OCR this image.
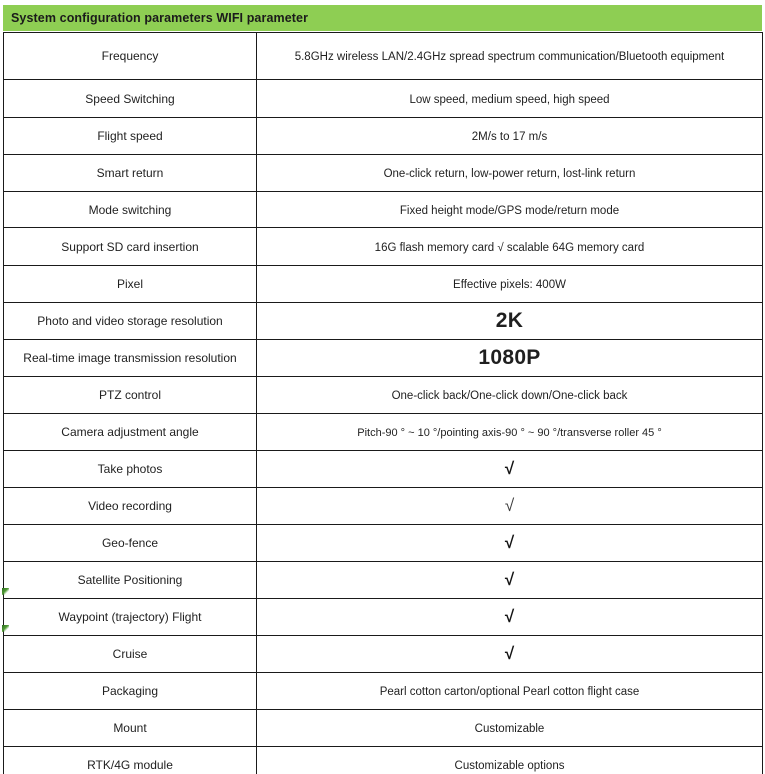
System configuration parameters WIFI parameter
Frequency	5.8GHz wireless LAN/2.4GHz spread spectrum communication/Bluetooth equipment
Speed Switching	Low speed, medium speed, high speed
Flight speed	2M/s to 17 m/s
Smart return	One-click return, low-power return, lost-link return
Mode switching	Fixed height mode/GPS mode/return mode
Support SD card insertion	16G flash memory card √ scalable 64G memory card
Pixel	Effective pixels: 400W
Photo and video storage resolution	2K
Real-time image transmission resolution	1080P
PTZ control	One-click back/One-click down/One-click back
Camera adjustment angle	Pitch-90 ° ~ 10 °/pointing axis-90 ° ~ 90 °/transverse roller 45 °
Take photos	√
Video recording	√
Geo-fence	√
Satellite Positioning	√
Waypoint (trajectory) Flight	√
Cruise	√
Packaging	Pearl cotton carton/optional Pearl cotton flight case
Mount	Customizable
RTK/4G module	Customizable options
